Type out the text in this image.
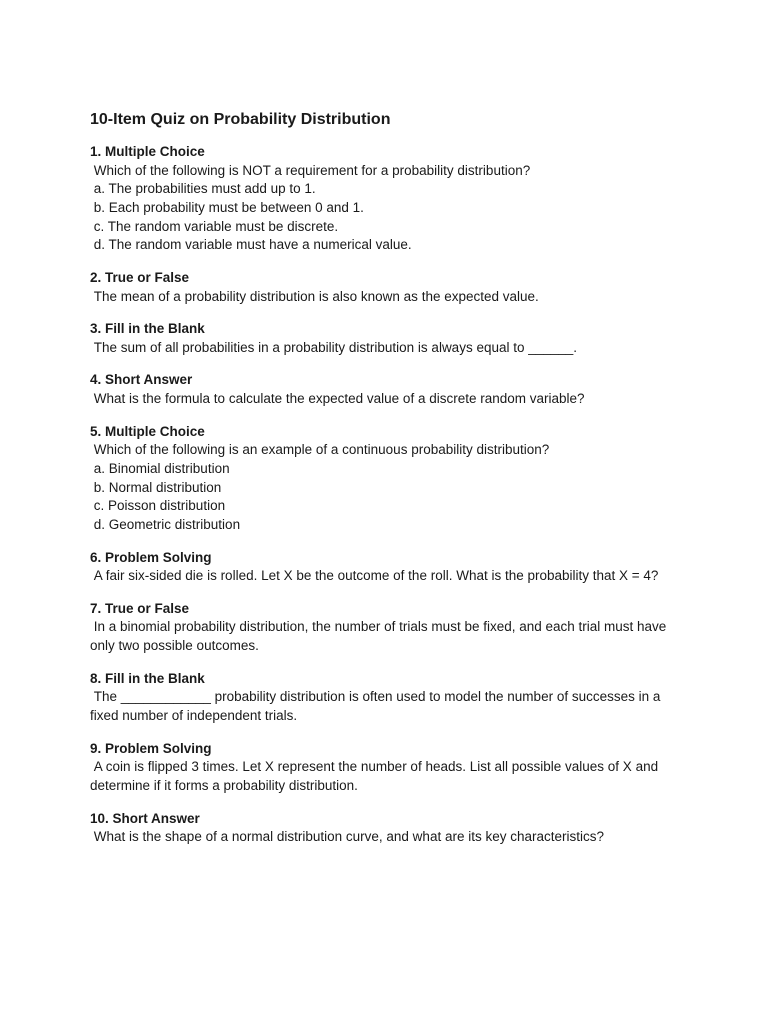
10-Item Quiz on Probability Distribution
1. Multiple Choice
Which of the following is NOT a requirement for a probability distribution?
a. The probabilities must add up to 1.
b. Each probability must be between 0 and 1.
c. The random variable must be discrete.
d. The random variable must have a numerical value.
2. True or False
The mean of a probability distribution is also known as the expected value.
3. Fill in the Blank
The sum of all probabilities in a probability distribution is always equal to ______.
4. Short Answer
What is the formula to calculate the expected value of a discrete random variable?
5. Multiple Choice
Which of the following is an example of a continuous probability distribution?
a. Binomial distribution
b. Normal distribution
c. Poisson distribution
d. Geometric distribution
6. Problem Solving
A fair six-sided die is rolled. Let X be the outcome of the roll. What is the probability that X = 4?
7. True or False
In a binomial probability distribution, the number of trials must be fixed, and each trial must have only two possible outcomes.
8. Fill in the Blank
The ____________ probability distribution is often used to model the number of successes in a fixed number of independent trials.
9. Problem Solving
A coin is flipped 3 times. Let X represent the number of heads. List all possible values of X and determine if it forms a probability distribution.
10. Short Answer
What is the shape of a normal distribution curve, and what are its key characteristics?
